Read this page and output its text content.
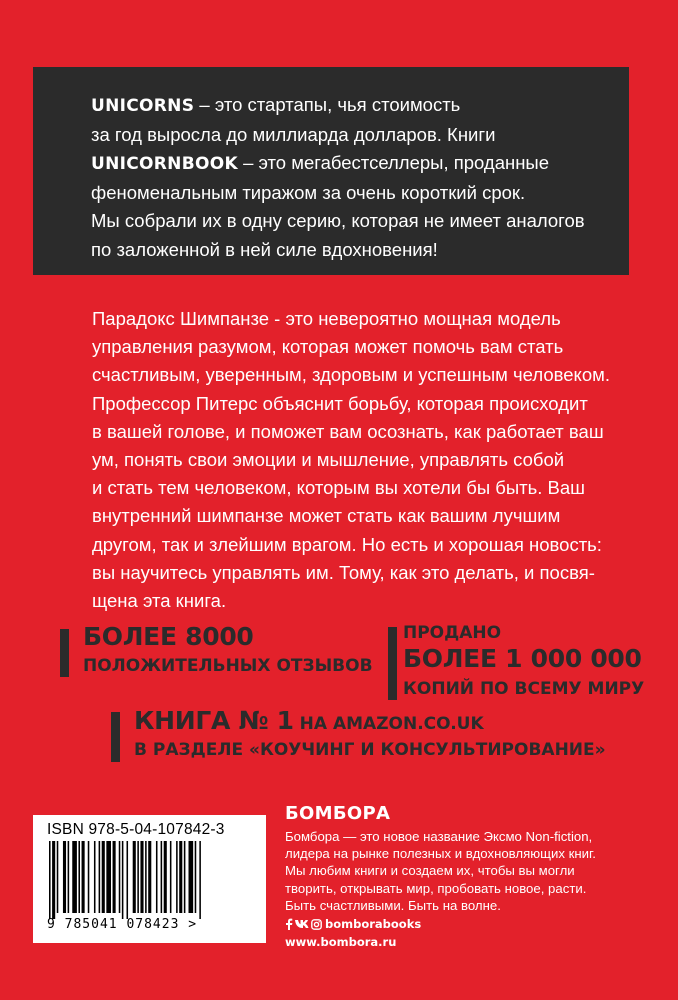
UNICORNS – это стартапы, чья стоимость
за год выросла до миллиарда долларов. Книги
UNICORNBOOK – это мегабестселлеры, проданные
феноменальным тиражом за очень короткий срок.
Мы собрали их в одну серию, которая не имеет аналогов
по заложенной в ней силе вдохновения!

Парадокс Шимпанзе - это невероятно мощная модель
управления разумом, которая может помочь вам стать
счастливым, уверенным, здоровым и успешным человеком.
Профессор Питерс объяснит борьбу, которая происходит
в вашей голове, и поможет вам осознать, как работает ваш
ум, понять свои эмоции и мышление, управлять собой
и стать тем человеком, которым вы хотели бы быть. Ваш
внутренний шимпанзе может стать как вашим лучшим
другом, так и злейшим врагом. Но есть и хорошая новость:
вы научитесь управлять им. Тому, как это делать, и посвя-
щена эта книга.

БОЛЕЕ 8000
ПОЛОЖИТЕЛЬНЫХ ОТЗЫВОВ
ПРОДАНО
БОЛЕЕ 1 000 000
КОПИЙ ПО ВСЕМУ МИРУ
КНИГА № 1 НА AMAZON.CO.UK
В РАЗДЕЛЕ «КОУЧИНГ И КОНСУЛЬТИРОВАНИЕ»
ISBN 978-5-04-107842-3
9 785041 078423 >
БОМБОРА

Бомбора — это новое название Эксмо Non-fiction,
лидера на рынке полезных и вдохновляющих книг.
Мы любим книги и создаем их, чтобы вы могли
творить, открывать мир, пробовать новое, расти.
Быть счастливыми. Быть на волне.

bomborabooks
www.bombora.ru
